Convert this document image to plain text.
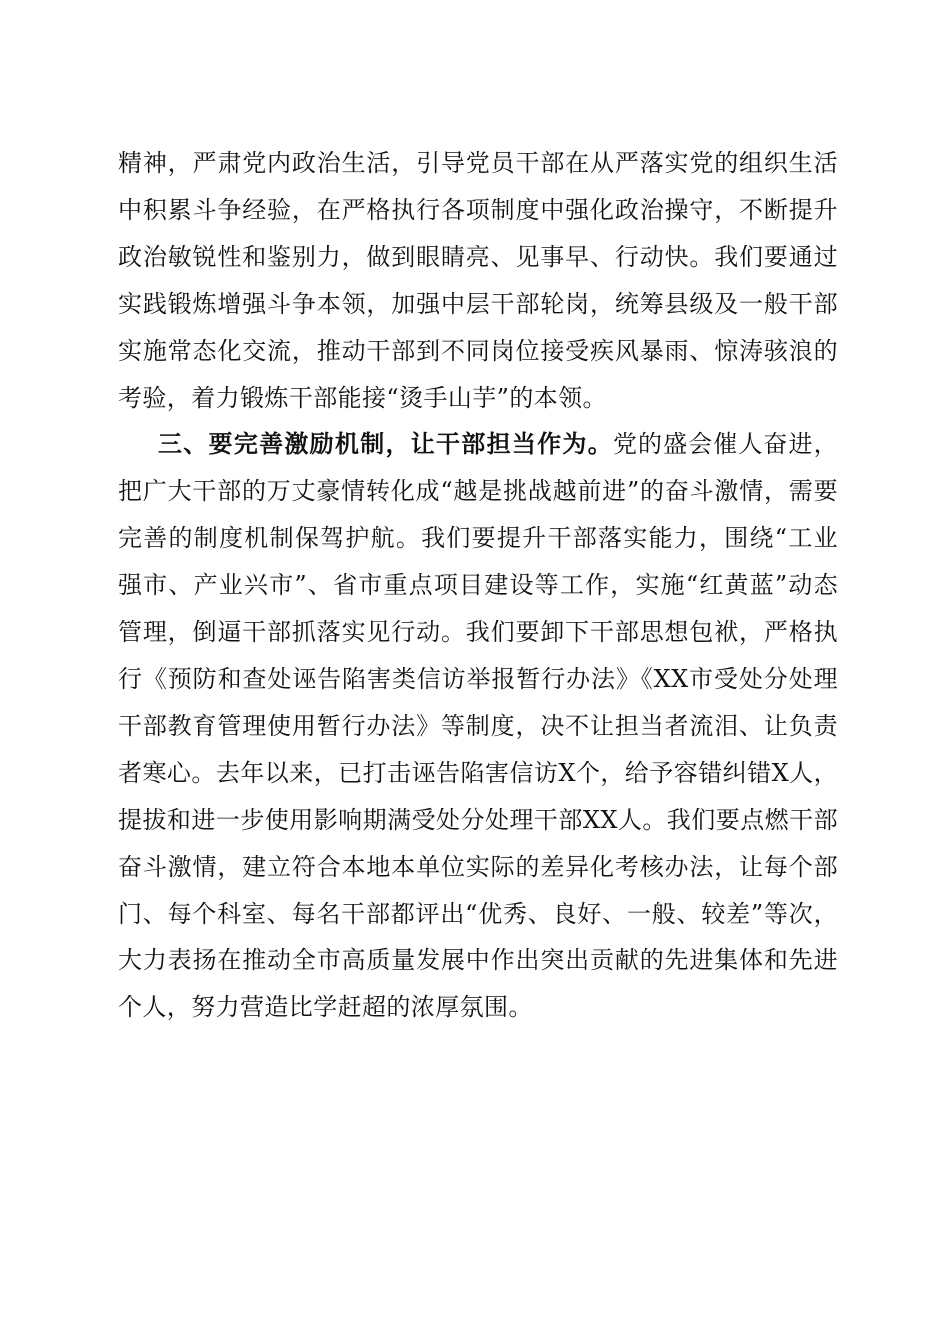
精神，严肃党内政治生活，引导党员干部在从严落实党的组织生活中积累斗争经验，在严格执行各项制度中强化政治操守，不断提升政治敏锐性和鉴别力，做到眼睛亮、见事早、行动快。我们要通过实践锻炼增强斗争本领，加强中层干部轮岗，统筹县级及一般干部实施常态化交流，推动干部到不同岗位接受疾风暴雨、惊涛骇浪的考验，着力锻炼干部能接“烫手山芋”的本领。

三、要完善激励机制，让干部担当作为。党的盛会催人奋进，把广大干部的万丈豪情转化成“越是挑战越前进”的奋斗激情，需要完善的制度机制保驾护航。我们要提升干部落实能力，围绕“工业强市、产业兴市”、省市重点项目建设等工作，实施“红黄蓝”动态管理，倒逼干部抓落实见行动。我们要卸下干部思想包袱，严格执行《预防和查处诬告陷害类信访举报暂行办法》《XX市受处分处理干部教育管理使用暂行办法》等制度，决不让担当者流泪、让负责者寒心。去年以来，已打击诬告陷害信访X个，给予容错纠错X人，提拔和进一步使用影响期满受处分处理干部XX人。我们要点燃干部奋斗激情，建立符合本地本单位实际的差异化考核办法，让每个部门、每个科室、每名干部都评出“优秀、良好、一般、较差”等次，大力表扬在推动全市高质量发展中作出突出贡献的先进集体和先进个人，努力营造比学赶超的浓厚氛围。
